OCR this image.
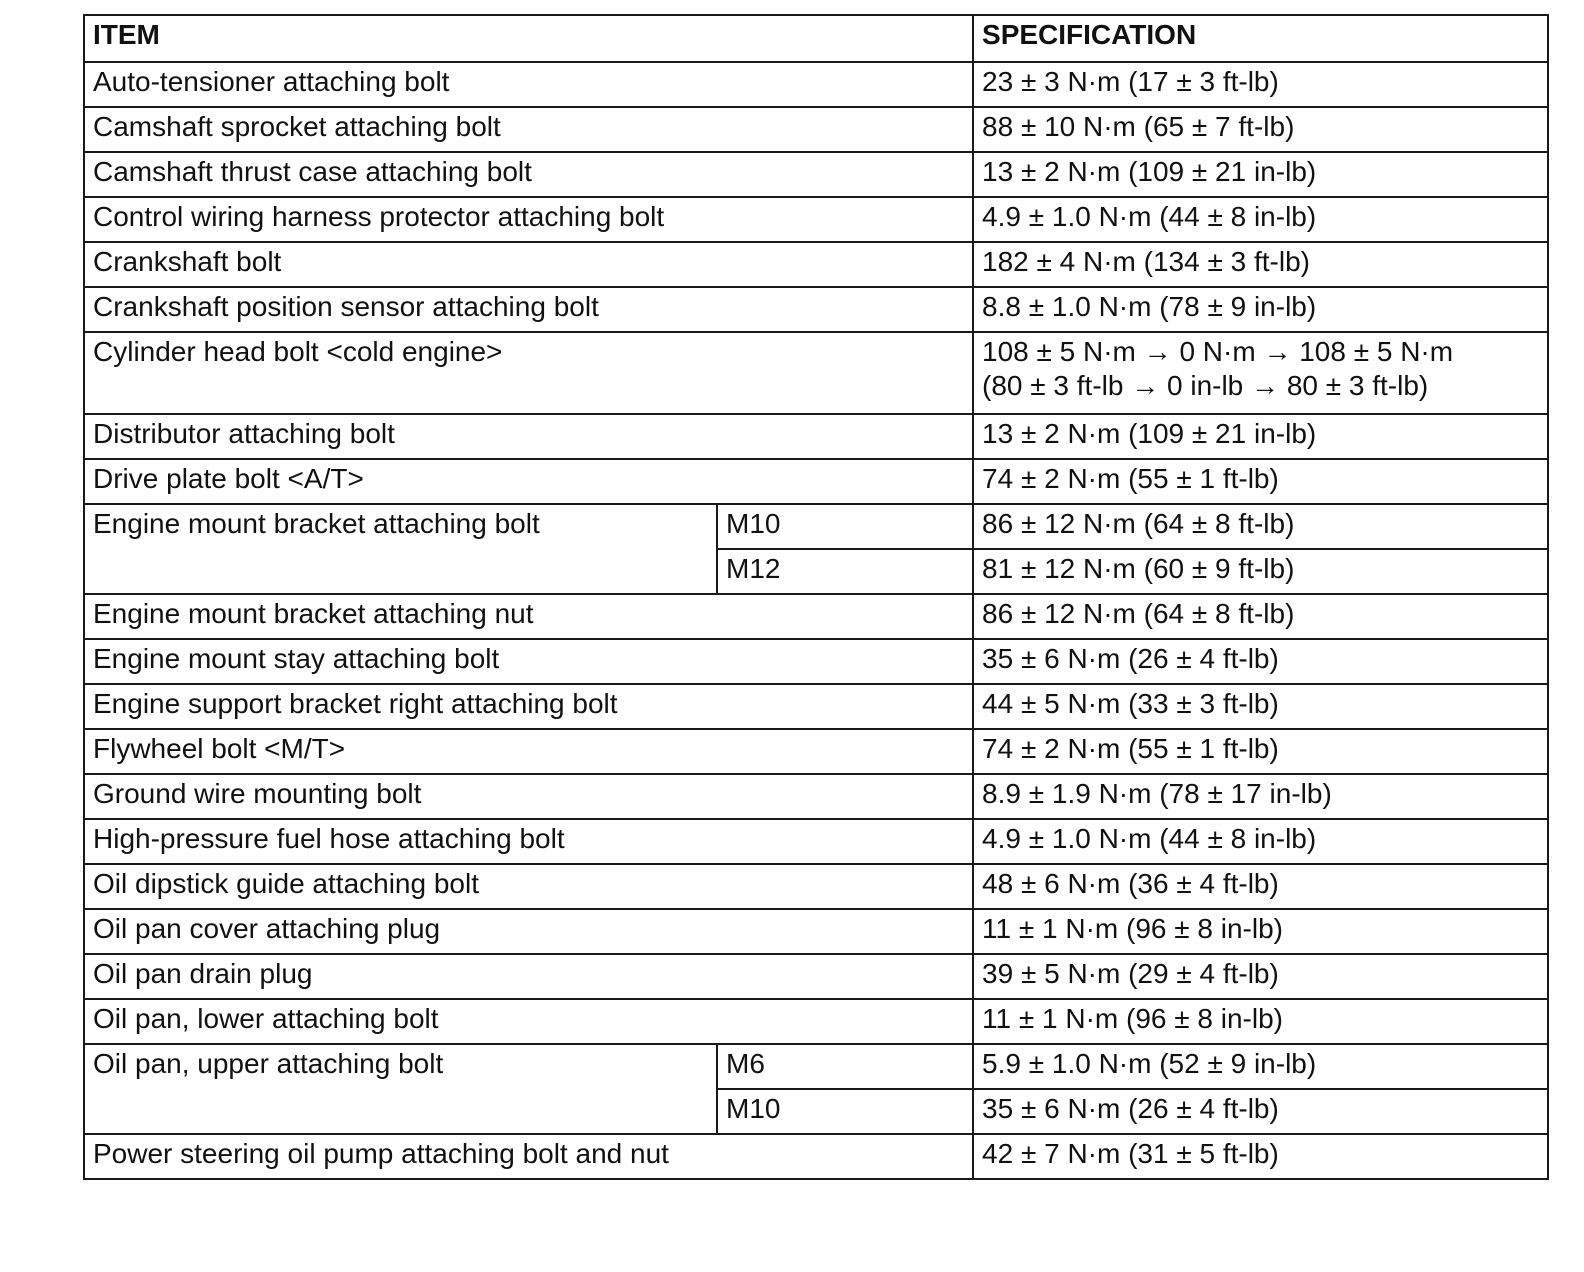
ITEM		SPECIFICATION
Auto-tensioner attaching bolt		23 ± 3 N·m (17 ± 3 ft-lb)

Camshaft sprocket attaching bolt		88 ± 10 N·m (65 ± 7 ft-lb)

Camshaft thrust case attaching bolt		13 ± 2 N·m (109 ± 21 in-lb)

Control wiring harness protector attaching bolt		4.9 ± 1.0 N·m (44 ± 8 in-lb)

Crankshaft bolt		182 ± 4 N·m (134 ± 3 ft-lb)

Crankshaft position sensor attaching bolt		8.8 ± 1.0 N·m (78 ± 9 in-lb)

Cylinder head bolt <cold engine>		108 ± 5 N·m → 0 N·m → 108 ± 5 N·m
(80 ± 3 ft-lb → 0 in-lb → 80 ± 3 ft-lb)

Distributor attaching bolt		13 ± 2 N·m (109 ± 21 in-lb)

Drive plate bolt <A/T>		74 ± 2 N·m (55 ± 1 ft-lb)

Engine mount bracket attaching bolt	M10	86 ± 12 N·m (64 ± 8 ft-lb)
	M12	81 ± 12 N·m (60 ± 9 ft-lb)
Engine mount bracket attaching nut		86 ± 12 N·m (64 ± 8 ft-lb)

Engine mount stay attaching bolt		35 ± 6 N·m (26 ± 4 ft-lb)

Engine support bracket right attaching bolt		44 ± 5 N·m (33 ± 3 ft-lb)

Flywheel bolt <M/T>		74 ± 2 N·m (55 ± 1 ft-lb)

Ground wire mounting bolt		8.9 ± 1.9 N·m (78 ± 17 in-lb)

High-pressure fuel hose attaching bolt		4.9 ± 1.0 N·m (44 ± 8 in-lb)

Oil dipstick guide attaching bolt		48 ± 6 N·m (36 ± 4 ft-lb)

Oil pan cover attaching plug		11 ± 1 N·m (96 ± 8 in-lb)

Oil pan drain plug		39 ± 5 N·m (29 ± 4 ft-lb)

Oil pan, lower attaching bolt		11 ± 1 N·m (96 ± 8 in-lb)

Oil pan, upper attaching bolt	M6	5.9 ± 1.0 N·m (52 ± 9 in-lb)
	M10	35 ± 6 N·m (26 ± 4 ft-lb)
Power steering oil pump attaching bolt and nut		42 ± 7 N·m (31 ± 5 ft-lb)
